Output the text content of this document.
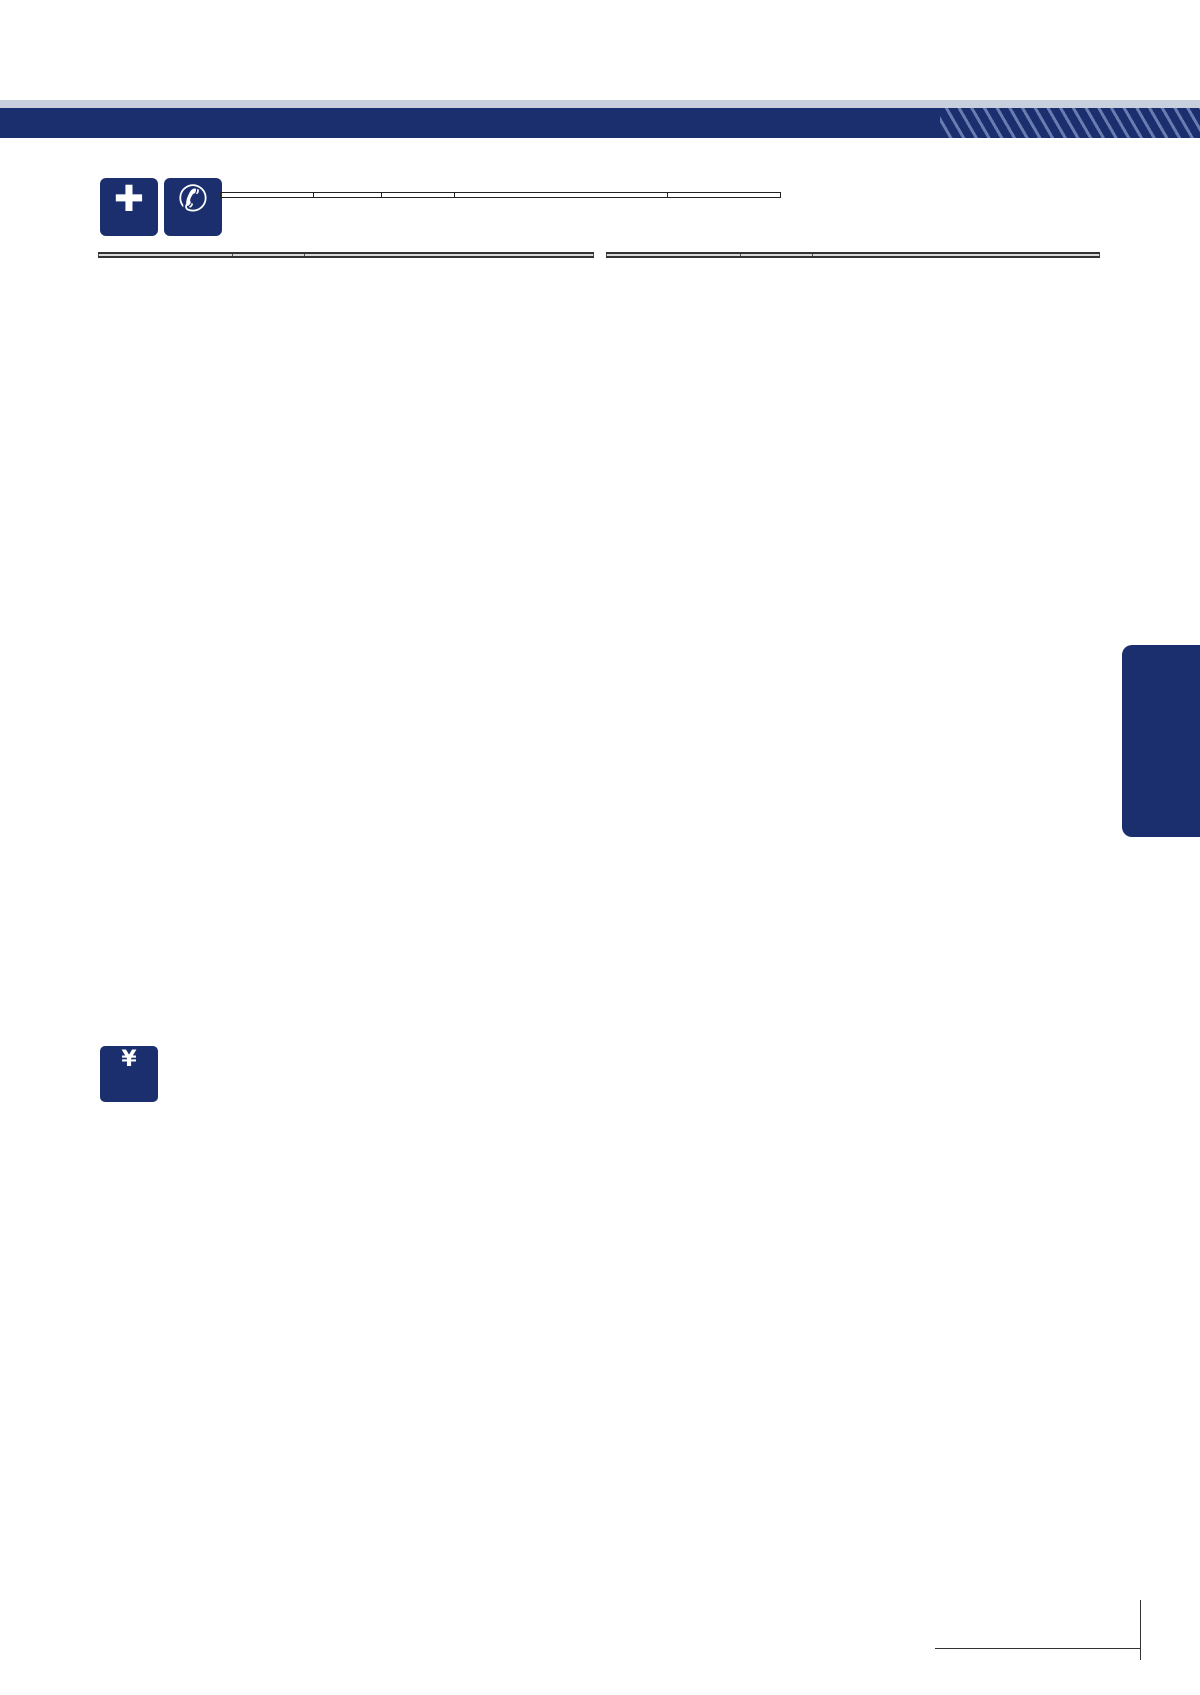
✚ ✆

¥
